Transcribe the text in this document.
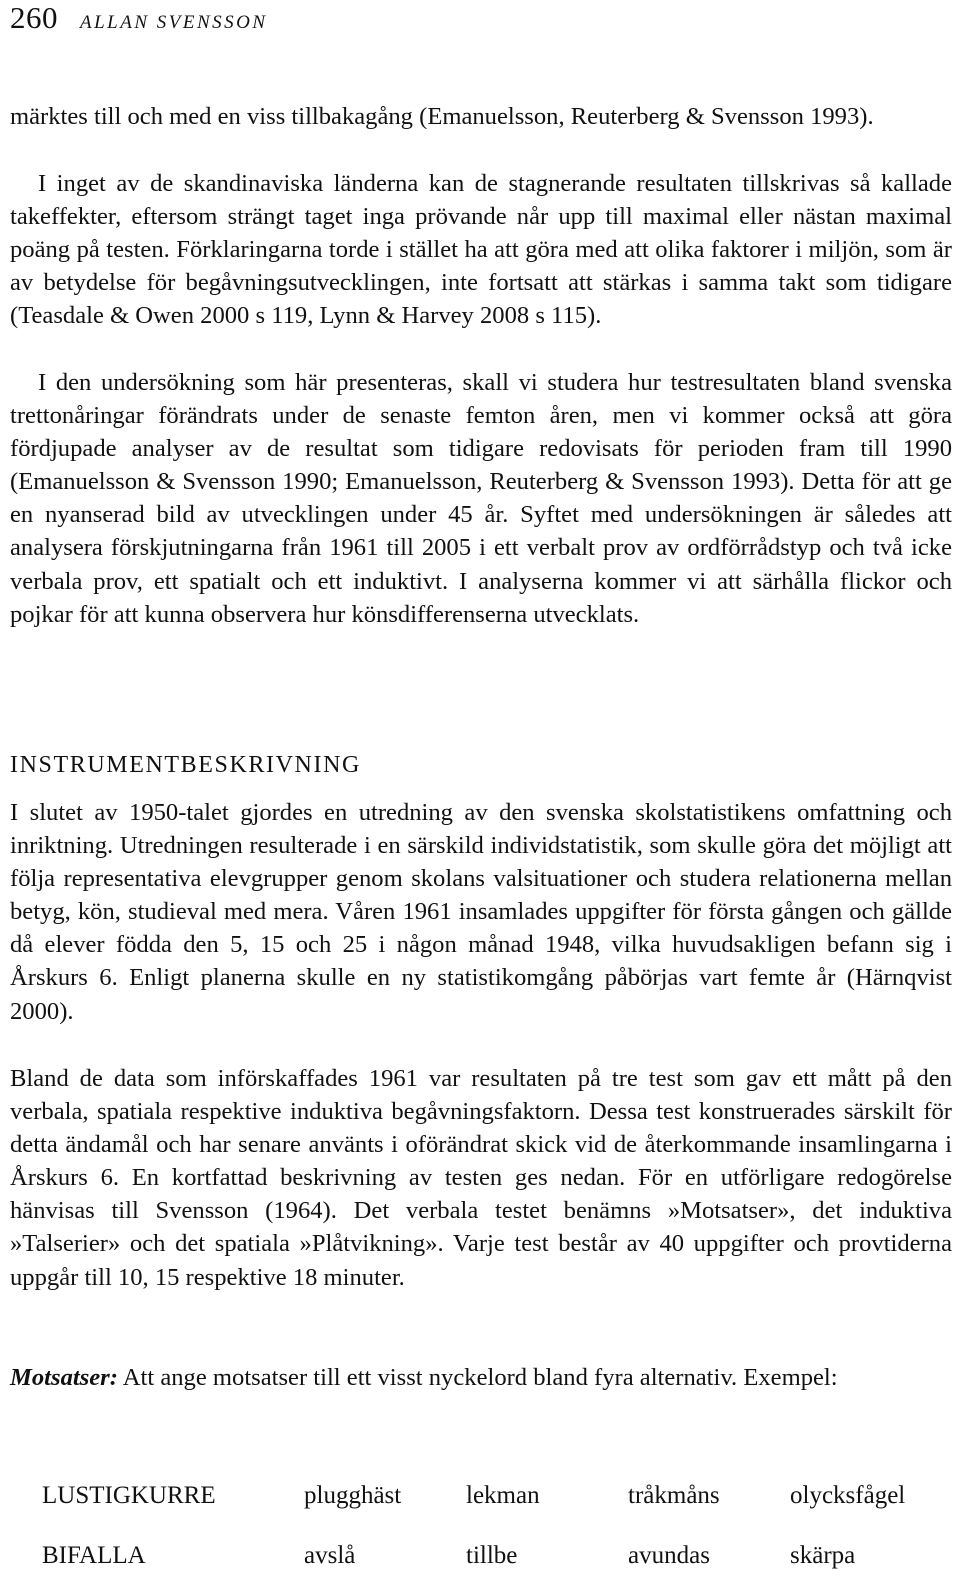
260 ALLAN SVENSSON

märktes till och med en viss tillbakagång (Emanuelsson, Reuterberg & Svensson 1993).

I inget av de skandinaviska länderna kan de stagnerande resultaten tillskrivas så kallade takeffekter, eftersom strängt taget inga prövande når upp till maximal eller nästan maximal poäng på testen. Förklaringarna torde i stället ha att göra med att olika faktorer i miljön, som är av betydelse för begåvningsutvecklingen, inte fortsatt att stärkas i samma takt som tidigare (Teasdale & Owen 2000 s 119, Lynn & Harvey 2008 s 115).

I den undersökning som här presenteras, skall vi studera hur testresultaten bland svenska trettonåringar förändrats under de senaste femton åren, men vi kommer också att göra fördjupade analyser av de resultat som tidigare redovisats för perioden fram till 1990 (Emanuelsson & Svensson 1990; Emanuelsson, Reuterberg & Svensson 1993). Detta för att ge en nyanserad bild av utvecklingen under 45 år. Syftet med undersökningen är således att analysera förskjutningarna från 1961 till 2005 i ett verbalt prov av ordförrådstyp och två icke verbala prov, ett spatialt och ett induktivt. I analyserna kommer vi att särhålla flickor och pojkar för att kunna observera hur könsdifferenserna utvecklats.

INSTRUMENTBESKRIVNING

I slutet av 1950-talet gjordes en utredning av den svenska skolstatistikens omfattning och inriktning. Utredningen resulterade i en särskild individstatistik, som skulle göra det möjligt att följa representativa elevgrupper genom skolans valsituationer och studera relationerna mellan betyg, kön, studieval med mera. Våren 1961 insamlades uppgifter för första gången och gällde då elever födda den 5, 15 och 25 i någon månad 1948, vilka huvudsakligen befann sig i Årskurs 6. Enligt planerna skulle en ny statistikomgång påbörjas vart femte år (Härnqvist 2000).

Bland de data som införskaffades 1961 var resultaten på tre test som gav ett mått på den verbala, spatiala respektive induktiva begåvningsfaktorn. Dessa test konstruerades särskilt för detta ändamål och har senare använts i oförändrat skick vid de återkommande insamlingarna i Årskurs 6. En kortfattad beskrivning av testen ges nedan. För en utförligare redogörelse hänvisas till Svensson (1964). Det verbala testet benämns »Motsatser», det induktiva »Talserier» och det spatiala »Plåtvikning». Varje test består av 40 uppgifter och provtiderna uppgår till 10, 15 respektive 18 minuter.

Motsatser: Att ange motsatser till ett visst nyckelord bland fyra alternativ. Exempel:

LUSTIGKURRE	plugghäst	lekman	tråkmåns	olycksfågel
BIFALLA	avslå	tillbe	avundas	skärpa
